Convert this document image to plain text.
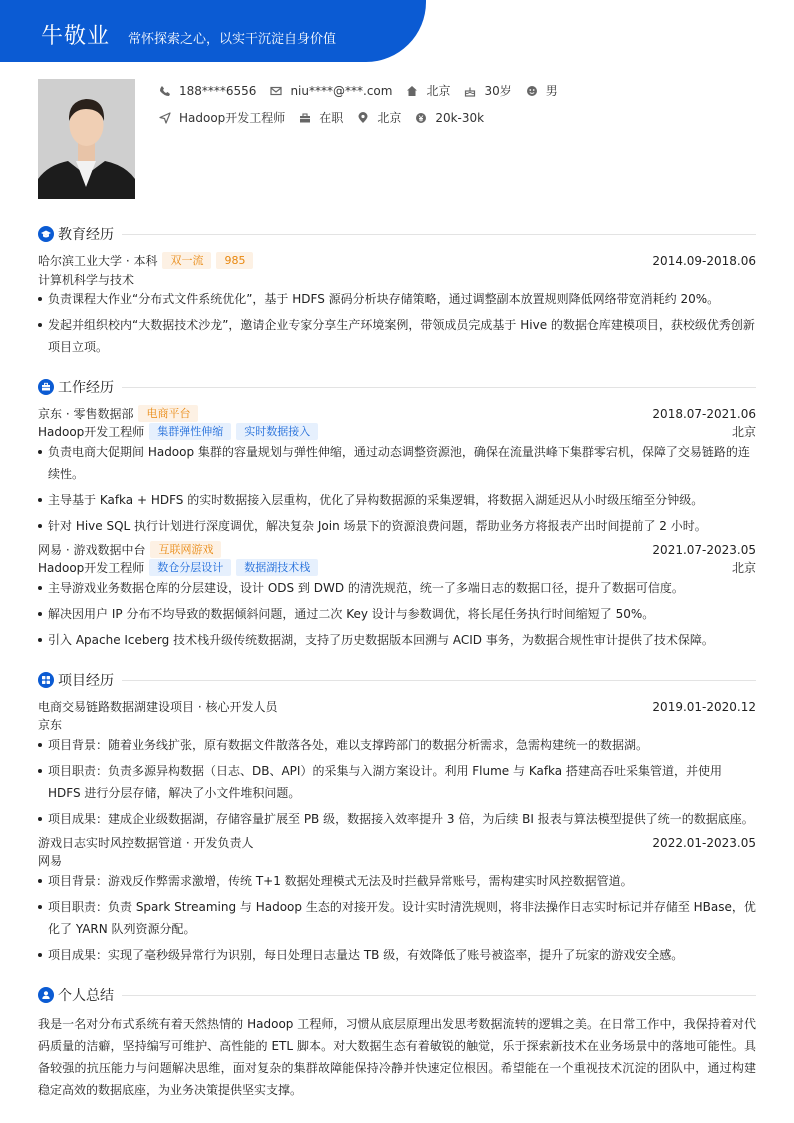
牛敬业 常怀探索之心，以实干沉淀自身价值
188****6556	niu****@***.com	北京	30岁	男
Hadoop开发工程师	在职	北京	20k-30k
教育经历
哈尔滨工业大学 · 本科	双一流	985	2014.09-2018.06
计算机科学与技术
负责课程大作业“分布式文件系统优化”，基于 HDFS 源码分析块存储策略，通过调整副本放置规则降低网络带宽消耗约 20%。
发起并组织校内“大数据技术沙龙”，邀请企业专家分享生产环境案例，带领成员完成基于 Hive 的数据仓库建模项目，获校级优秀创新项目立项。
工作经历
京东 · 零售数据部	电商平台	2018.07-2021.06
Hadoop开发工程师	集群弹性伸缩	实时数据接入	北京
负责电商大促期间 Hadoop 集群的容量规划与弹性伸缩，通过动态调整资源池，确保在流量洪峰下集群零宕机，保障了交易链路的连续性。
主导基于 Kafka + HDFS 的实时数据接入层重构，优化了异构数据源的采集逻辑，将数据入湖延迟从小时级压缩至分钟级。
针对 Hive SQL 执行计划进行深度调优，解决复杂 Join 场景下的资源浪费问题，帮助业务方将报表产出时间提前了 2 小时。
网易 · 游戏数据中台	互联网游戏	2021.07-2023.05
Hadoop开发工程师	数仓分层设计	数据湖技术栈	北京
主导游戏业务数据仓库的分层建设，设计 ODS 到 DWD 的清洗规范，统一了多端日志的数据口径，提升了数据可信度。
解决因用户 IP 分布不均导致的数据倾斜问题，通过二次 Key 设计与参数调优，将长尾任务执行时间缩短了 50%。
引入 Apache Iceberg 技术栈升级传统数据湖，支持了历史数据版本回溯与 ACID 事务，为数据合规性审计提供了技术保障。
项目经历
电商交易链路数据湖建设项目 · 核心开发人员	2019.01-2020.12
京东
项目背景：随着业务线扩张，原有数据文件散落各处，难以支撑跨部门的数据分析需求，急需构建统一的数据湖。
项目职责：负责多源异构数据（日志、DB、API）的采集与入湖方案设计。利用 Flume 与 Kafka 搭建高吞吐采集管道，并使用 HDFS 进行分层存储，解决了小文件堆积问题。
项目成果：建成企业级数据湖，存储容量扩展至 PB 级，数据接入效率提升 3 倍，为后续 BI 报表与算法模型提供了统一的数据底座。
游戏日志实时风控数据管道 · 开发负责人	2022.01-2023.05
网易
项目背景：游戏反作弊需求激增，传统 T+1 数据处理模式无法及时拦截异常账号，需构建实时风控数据管道。
项目职责：负责 Spark Streaming 与 Hadoop 生态的对接开发。设计实时清洗规则，将非法操作日志实时标记并存储至 HBase，优化了 YARN 队列资源分配。
项目成果：实现了毫秒级异常行为识别，每日处理日志量达 TB 级，有效降低了账号被盗率，提升了玩家的游戏安全感。
个人总结
我是一名对分布式系统有着天然热情的 Hadoop 工程师，习惯从底层原理出发思考数据流转的逻辑之美。在日常工作中，我保持着对代码质量的洁癖，坚持编写可维护、高性能的 ETL 脚本。对大数据生态有着敏锐的触觉，乐于探索新技术在业务场景中的落地可能性。具备较强的抗压能力与问题解决思维，面对复杂的集群故障能保持冷静并快速定位根因。希望能在一个重视技术沉淀的团队中，通过构建稳定高效的数据底座，为业务决策提供坚实支撑。
